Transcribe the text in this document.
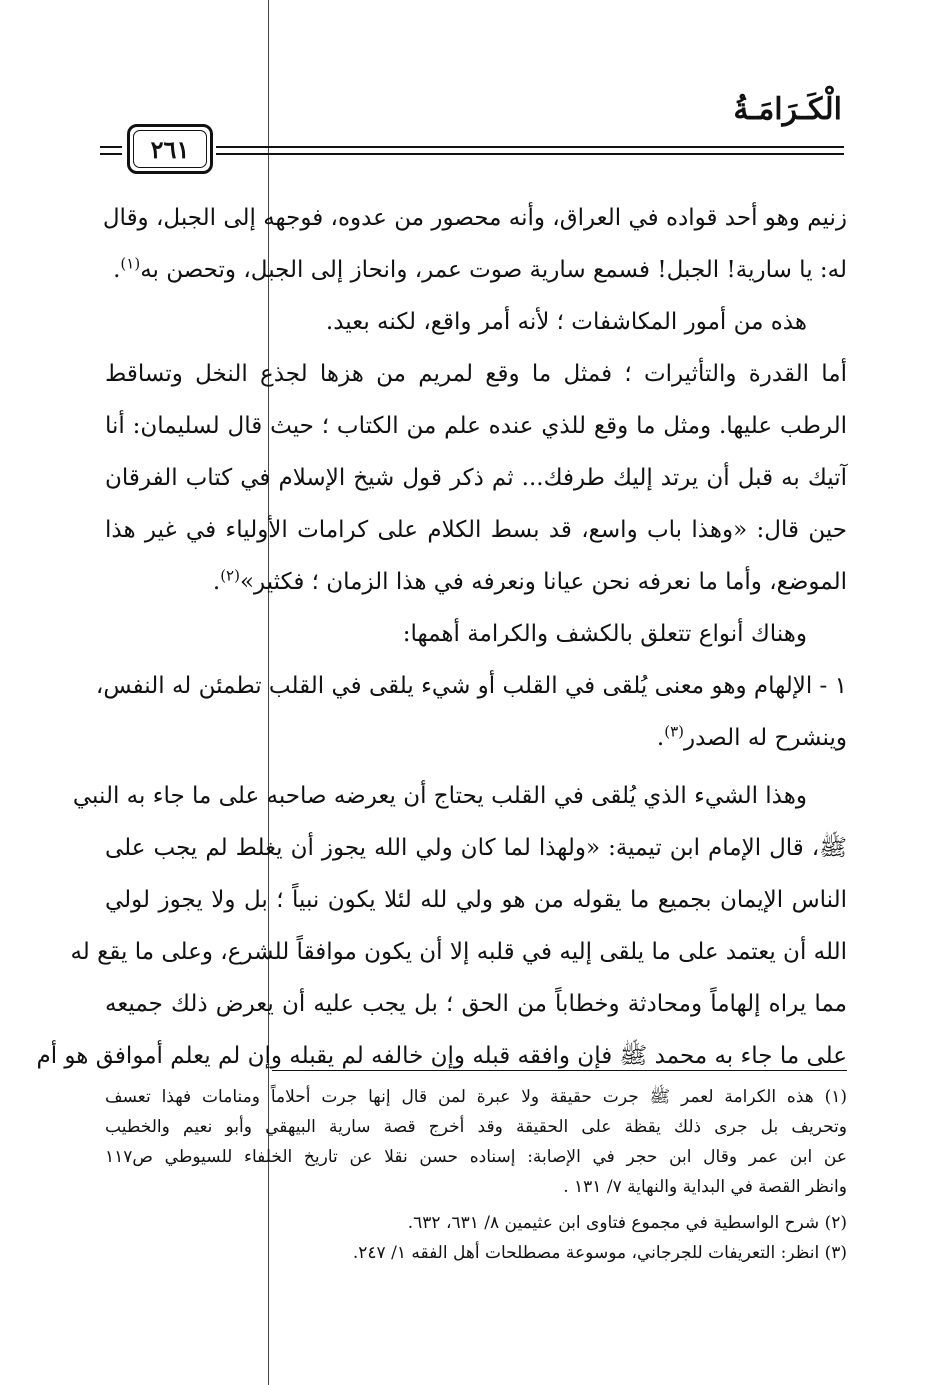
الْكَـرَامَـةُ
٢٦١
زنيم وهو أحد قواده في العراق، وأنه محصور من عدوه، فوجهه إلى الجبل، وقال
له: يا سارية! الجبل! فسمع سارية صوت عمر، وانحاز إلى الجبل، وتحصن به$^{(١)}$.
هذه من أمور المكاشفات ؛ لأنه أمر واقع، لكنه بعيد.
أما القدرة والتأثيرات ؛ فمثل ما وقع لمريم من هزها لجذع النخل وتساقط
الرطب عليها. ومثل ما وقع للذي عنده علم من الكتاب ؛ حيث قال لسليمان: أنا
آتيك به قبل أن يرتد إليك طرفك... ثم ذكر قول شيخ الإسلام في كتاب الفرقان
حين قال: «وهذا باب واسع، قد بسط الكلام على كرامات الأولياء في غير هذا
الموضع، وأما ما نعرفه نحن عيانا ونعرفه في هذا الزمان ؛ فكثير»$^{(٢)}$.
وهناك أنواع تتعلق بالكشف والكرامة أهمها:
١ - الإلهام وهو معنى يُلقى في القلب أو شيء يلقى في القلب تطمئن له النفس،
وينشرح له الصدر$^{(٣)}$.
وهذا الشيء الذي يُلقى في القلب يحتاج أن يعرضه صاحبه على ما جاء به النبي
ﷺ، قال الإمام ابن تيمية: «ولهذا لما كان ولي الله يجوز أن يغلط لم يجب على
الناس الإيمان بجميع ما يقوله من هو ولي لله لئلا يكون نبياً ؛ بل ولا يجوز لولي
الله أن يعتمد على ما يلقى إليه في قلبه إلا أن يكون موافقاً للشرع، وعلى ما يقع له
مما يراه إلهاماً ومحادثة وخطاباً من الحق ؛ بل يجب عليه أن يعرض ذلك جميعه
على ما جاء به محمد ﷺ فإن وافقه قبله وإن خالفه لم يقبله وإن لم يعلم أموافق هو أم
(١) هذه الكرامة لعمر ﷺ جرت حقيقة ولا عبرة لمن قال إنها جرت أحلاماً ومنامات فهذا تعسف
وتحريف بل جرى ذلك يقظة على الحقيقة وقد أخرج قصة سارية البيهقي وأبو نعيم والخطيب
عن ابن عمر وقال ابن حجر في الإصابة: إسناده حسن نقلا عن تاريخ الخلفاء للسيوطي ص١١٧
وانظر القصة في البداية والنهاية ٧/ ١٣١ .
(٢) شرح الواسطية في مجموع فتاوى ابن عثيمين ٨/ ٦٣١، ٦٣٢.
(٣) انظر: التعريفات للجرجاني، موسوعة مصطلحات أهل الفقه ١/ ٢٤٧.
